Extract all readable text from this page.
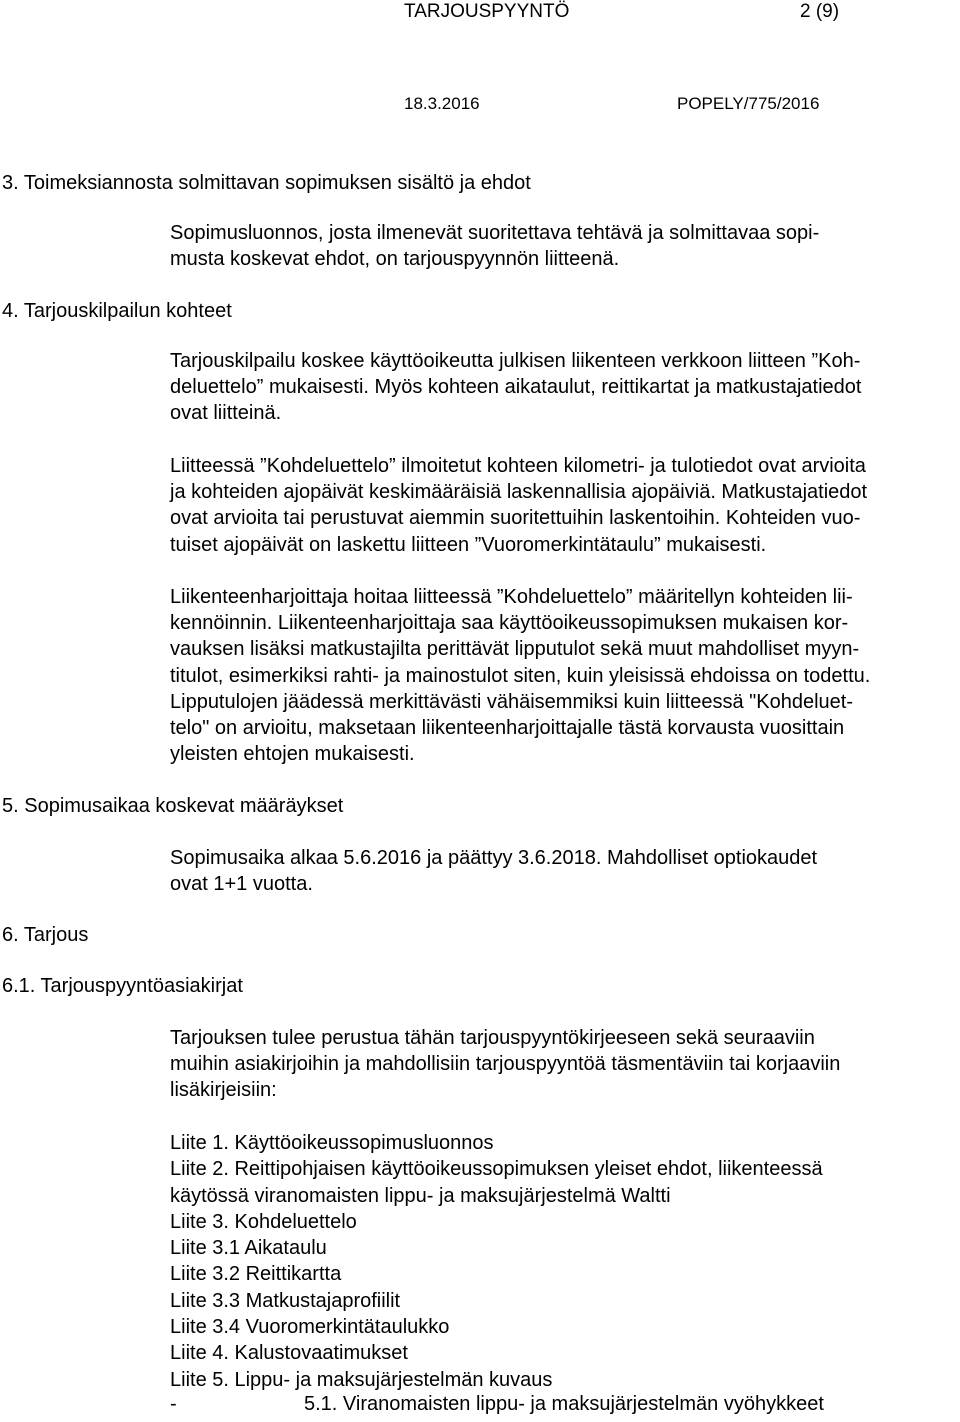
TARJOUSPYYNTÖ	2 (9)
18.3.2016	POPELY/775/2016
3. Toimeksiannosta solmittavan sopimuksen sisältö ja ehdot

Sopimusluonnos, josta ilmenevät suoritettava tehtävä ja solmittavaa sopi-
musta koskevat ehdot, on tarjouspyynnön liitteenä.

4. Tarjouskilpailun kohteet

Tarjouskilpailu koskee käyttöoikeutta julkisen liikenteen verkkoon liitteen ”Koh-
deluettelo” mukaisesti. Myös kohteen aikataulut, reittikartat ja matkustajatiedot
ovat liitteinä.

Liitteessä ”Kohdeluettelo” ilmoitetut kohteen kilometri- ja tulotiedot ovat arvioita
ja kohteiden ajopäivät keskimääräisiä laskennallisia ajopäiviä. Matkustajatiedot
ovat arvioita tai perustuvat aiemmin suoritettuihin laskentoihin. Kohteiden vuo-
tuiset ajopäivät on laskettu liitteen ”Vuoromerkintätaulu” mukaisesti.

Liikenteenharjoittaja hoitaa liitteessä ”Kohdeluettelo” määritellyn kohteiden lii-
kennöinnin. Liikenteenharjoittaja saa käyttöoikeussopimuksen mukaisen kor-
vauksen lisäksi matkustajilta perittävät lipputulot sekä muut mahdolliset myyn-
titulot, esimerkiksi rahti- ja mainostulot siten, kuin yleisissä ehdoissa on todettu.
Lipputulojen jäädessä merkittävästi vähäisemmiksi kuin liitteessä "Kohdeluet-
telo" on arvioitu, maksetaan liikenteenharjoittajalle tästä korvausta vuosittain
yleisten ehtojen mukaisesti.

5. Sopimusaikaa koskevat määräykset

Sopimusaika alkaa 5.6.2016 ja päättyy 3.6.2018. Mahdolliset optiokaudet
ovat 1+1 vuotta.

6. Tarjous
6.1. Tarjouspyyntöasiakirjat

Tarjouksen tulee perustua tähän tarjouspyyntökirjeeseen sekä seuraaviin
muihin asiakirjoihin ja mahdollisiin tarjouspyyntöä täsmentäviin tai korjaaviin
lisäkirjeisiin:

Liite 1. Käyttöoikeussopimusluonnos
Liite 2. Reittipohjaisen käyttöoikeussopimuksen yleiset ehdot, liikenteessä
käytössä viranomaisten lippu- ja maksujärjestelmä Waltti
Liite 3. Kohdeluettelo
Liite 3.1 Aikataulu
Liite 3.2 Reittikartta
Liite 3.3 Matkustajaprofiilit
Liite 3.4 Vuoromerkintätaulukko
Liite 4. Kalustovaatimukset
Liite 5. Lippu- ja maksujärjestelmän kuvaus
-	5.1. Viranomaisten lippu- ja maksujärjestelmän vyöhykkeet
